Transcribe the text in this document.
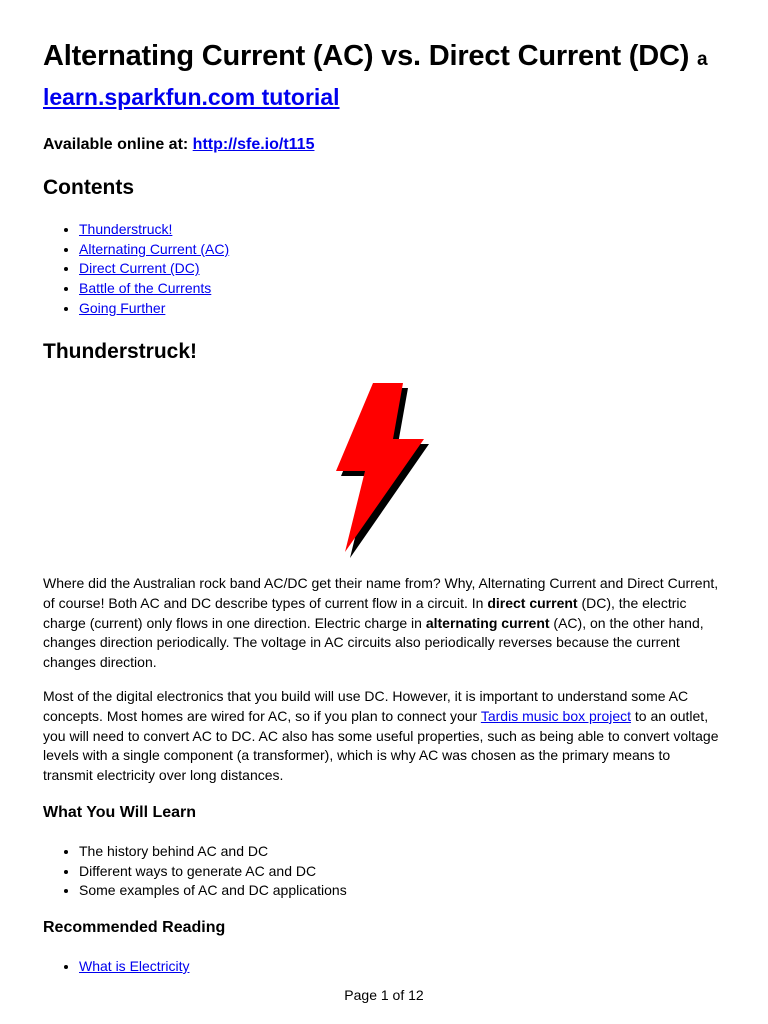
Alternating Current (AC) vs. Direct Current (DC) a
learn.sparkfun.com tutorial
Available online at: http://sfe.io/t115
Contents
• Thunderstruck!
• Alternating Current (AC)
• Direct Current (DC)
• Battle of the Currents
• Going Further
Thunderstruck!

Where did the Australian rock band AC/DC get their name from? Why, Alternating Current and Direct Current, of course! Both AC and DC describe types of current flow in a circuit. In direct current (DC), the electric charge (current) only flows in one direction. Electric charge in alternating current (AC), on the other hand, changes direction periodically. The voltage in AC circuits also periodically reverses because the current changes direction.

Most of the digital electronics that you build will use DC. However, it is important to understand some AC concepts. Most homes are wired for AC, so if you plan to connect your Tardis music box project to an outlet, you will need to convert AC to DC. AC also has some useful properties, such as being able to convert voltage levels with a single component (a transformer), which is why AC was chosen as the primary means to transmit electricity over long distances.

What You Will Learn
• The history behind AC and DC
• Different ways to generate AC and DC
• Some examples of AC and DC applications
Recommended Reading
• What is Electricity
Page 1 of 12
